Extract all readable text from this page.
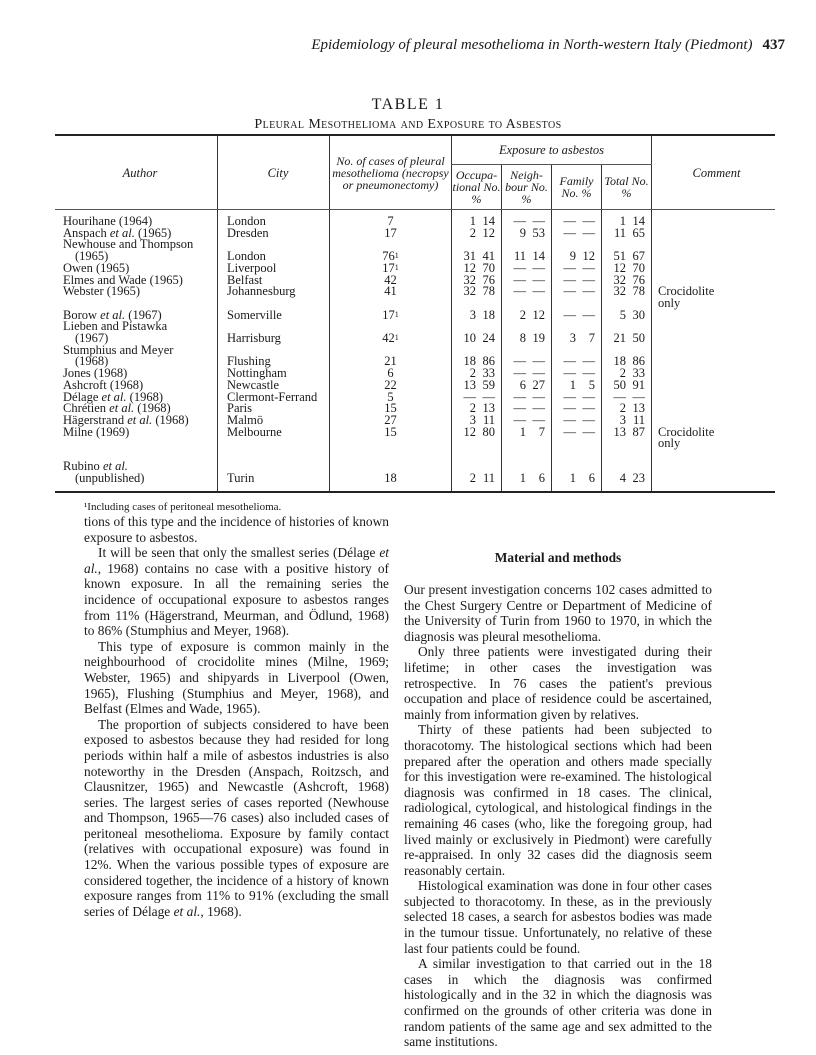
Epidemiology of pleural mesothelioma in North-western Italy (Piedmont) 437
TABLE 1
Pleural Mesothelioma and Exposure to Asbestos
Author	City	No. of cases of pleural mesothelioma (necropsy or pneumonectomy)	Exposure to asbestos								Comment
			Occupa- tional No. %		Neigh- bour No. %		Family No. %		Total No. %		
Hourihane (1964)	London	7	1	14	—	—	—	—	1	14	
Anspach et al. (1965)	Dresden	17	2	12	9	53	—	—	11	65	

Newhouse and Thompson
(1965)	London	$76^1$	31	41	11	14	9	12	51	67	
Owen (1965)	Liverpool	$17^1$	12	70	—	—	—	—	12	70	
Elmes and Wade (1965)	Belfast	42	32	76	—	—	—	—	32	76	
Webster (1965)	Johannesburg	41	32	78	—	—	—	—	32	78	Crocidolite
only

Borow et al. (1967)	Somerville	$17^1$	3	18	2	12	—	—	5	30	

Lieben and Pistawka
(1967)	Harrisburg	$42^1$	10	24	8	19	3	7	21	50	

Stumphius and Meyer
(1968)	Flushing	21	18	86	—	—	—	—	18	86	
Jones (1968)	Nottingham	6	2	33	—	—	—	—	2	33	
Ashcroft (1968)	Newcastle	22	13	59	6	27	1	5	50	91	
Délage et al. (1968)	Clermont-Ferrand	5	—	—	—	—	—	—	—	—	
Chrétien et al. (1968)	Paris	15	2	13	—	—	—	—	2	13	
Hägerstrand et al. (1968)	Malmö	27	3	11	—	—	—	—	3	11	
Milne (1969)	Melbourne	15	12	80	1	7	—	—	13	87	Crocidolite
only

Rubino et al.
(unpublished)	Turin	18	2	11	1	6	1	6	4	23	
¹Including cases of peritoneal mesothelioma.

tions of this type and the incidence of histories of known exposure to asbestos.

It will be seen that only the smallest series (Délage et al., 1968) contains no case with a positive history of known exposure. In all the remaining series the incidence of occupational exposure to asbestos ranges from 11% (Hägerstrand, Meurman, and Ödlund, 1968) to 86% (Stumphius and Meyer, 1968).

This type of exposure is common mainly in the neighbourhood of crocidolite mines (Milne, 1969; Webster, 1965) and shipyards in Liverpool (Owen, 1965), Flushing (Stumphius and Meyer, 1968), and Belfast (Elmes and Wade, 1965).

The proportion of subjects considered to have been exposed to asbestos because they had resided for long periods within half a mile of asbestos industries is also noteworthy in the Dresden (Anspach, Roitzsch, and Clausnitzer, 1965) and Newcastle (Ashcroft, 1968) series. The largest series of cases reported (Newhouse and Thompson, 1965—76 cases) also included cases of peritoneal mesothelioma. Exposure by family contact (relatives with occupational exposure) was found in 12%. When the various possible types of exposure are considered together, the incidence of a history of known exposure ranges from 11% to 91% (excluding the small series of Délage et al., 1968).

Material and methods

Our present investigation concerns 102 cases admitted to the Chest Surgery Centre or Department of Medicine of the University of Turin from 1960 to 1970, in which the diagnosis was pleural mesothelioma.

Only three patients were investigated during their lifetime; in other cases the investigation was retrospective. In 76 cases the patient's previous occupation and place of residence could be ascertained, mainly from information given by relatives.

Thirty of these patients had been subjected to thoracotomy. The histological sections which had been prepared after the operation and others made specially for this investigation were re-examined. The histological diagnosis was confirmed in 18 cases. The clinical, radiological, cytological, and histological findings in the remaining 46 cases (who, like the foregoing group, had lived mainly or exclusively in Piedmont) were carefully re-appraised. In only 32 cases did the diagnosis seem reasonably certain.

Histological examination was done in four other cases subjected to thoracotomy. In these, as in the previously selected 18 cases, a search for asbestos bodies was made in the tumour tissue. Unfortunately, no relative of these last four patients could be found.

A similar investigation to that carried out in the 18 cases in which the diagnosis was confirmed histologically and in the 32 in which the diagnosis was confirmed on the grounds of other criteria was done in random patients of the same age and sex admitted to the same institutions.
